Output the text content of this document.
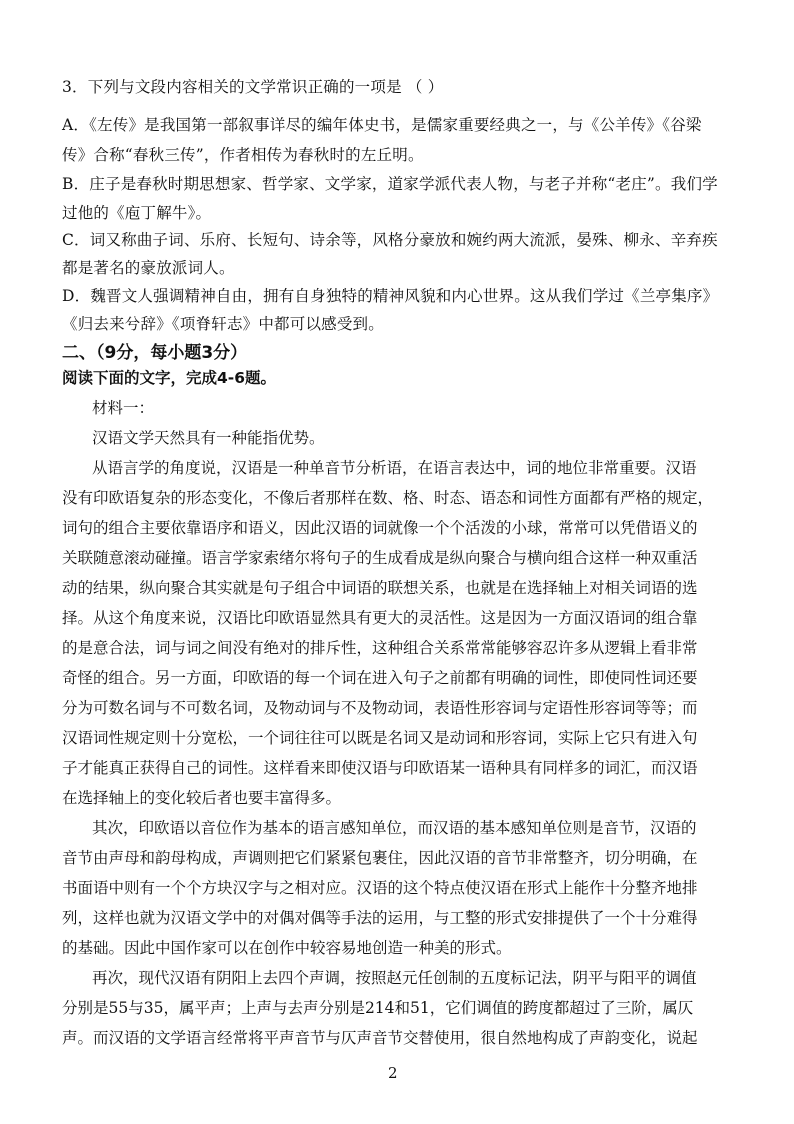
3．下列与文段内容相关的文学常识正确的一项是 （ ）
A．《左传》是我国第一部叙事详尽的编年体史书，是儒家重要经典之一，与《公羊传》《谷梁
传》合称“春秋三传”，作者相传为春秋时的左丘明。
B．庄子是春秋时期思想家、哲学家、文学家，道家学派代表人物，与老子并称“老庄”。我们学
过他的《庖丁解牛》。
C．词又称曲子词、乐府、长短句、诗余等，风格分豪放和婉约两大流派，晏殊、柳永、辛弃疾
都是著名的豪放派词人。
D．魏晋文人强调精神自由，拥有自身独特的精神风貌和内心世界。这从我们学过《兰亭集序》
《归去来兮辞》《项脊轩志》中都可以感受到。
二、（9分，每小题3分）
阅读下面的文字，完成4-6题。
材料一：
汉语文学天然具有一种能指优势。
从语言学的角度说，汉语是一种单音节分析语，在语言表达中，词的地位非常重要。汉语
没有印欧语复杂的形态变化，不像后者那样在数、格、时态、语态和词性方面都有严格的规定，
词句的组合主要依靠语序和语义，因此汉语的词就像一个个活泼的小球，常常可以凭借语义的
关联随意滚动碰撞。语言学家索绪尔将句子的生成看成是纵向聚合与横向组合这样一种双重活
动的结果，纵向聚合其实就是句子组合中词语的联想关系，也就是在选择轴上对相关词语的选
择。从这个角度来说，汉语比印欧语显然具有更大的灵活性。这是因为一方面汉语词的组合靠
的是意合法，词与词之间没有绝对的排斥性，这种组合关系常常能够容忍许多从逻辑上看非常
奇怪的组合。另一方面，印欧语的每一个词在进入句子之前都有明确的词性，即使同性词还要
分为可数名词与不可数名词，及物动词与不及物动词，表语性形容词与定语性形容词等等；而
汉语词性规定则十分宽松，一个词往往可以既是名词又是动词和形容词，实际上它只有进入句
子才能真正获得自己的词性。这样看来即使汉语与印欧语某一语种具有同样多的词汇，而汉语
在选择轴上的变化较后者也要丰富得多。
其次，印欧语以音位作为基本的语言感知单位，而汉语的基本感知单位则是音节，汉语的
音节由声母和韵母构成，声调则把它们紧紧包裹住，因此汉语的音节非常整齐，切分明确，在
书面语中则有一个个方块汉字与之相对应。汉语的这个特点使汉语在形式上能作十分整齐地排
列，这样也就为汉语文学中的对偶对偶等手法的运用，与工整的形式安排提供了一个十分难得
的基础。因此中国作家可以在创作中较容易地创造一种美的形式。
再次，现代汉语有阴阳上去四个声调，按照赵元任创制的五度标记法，阴平与阳平的调值
分别是55与35，属平声；上声与去声分别是214和51，它们调值的跨度都超过了三阶，属仄
声。而汉语的文学语言经常将平声音节与仄声音节交替使用，很自然地构成了声韵变化，说起
2
